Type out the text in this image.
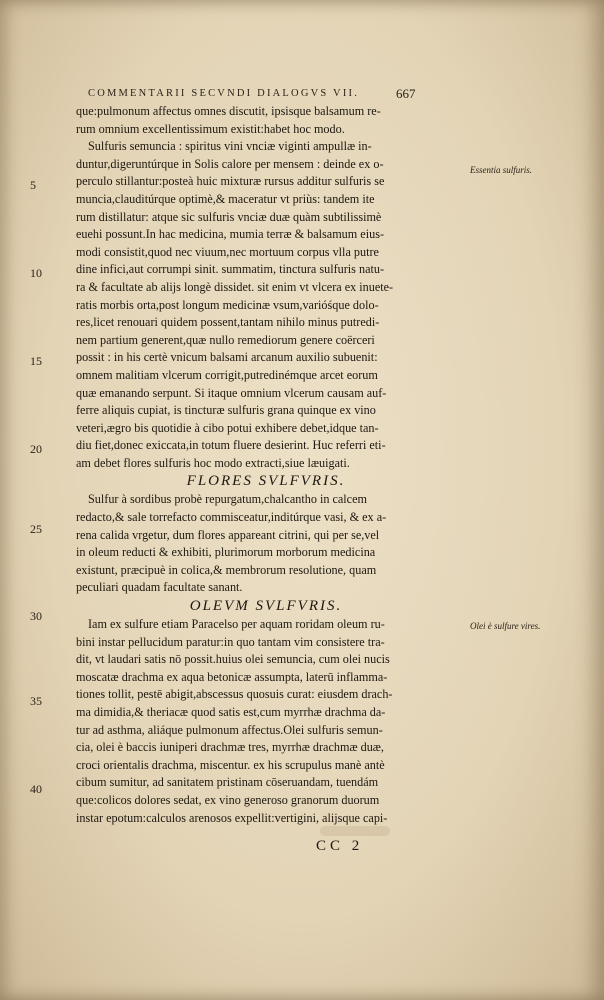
COMMENTARII SECVNDI DIALOGVS VII.	667
5
10
15
20
25
30
35
40
Essentia sulfuris.
Olei è sulfure vires.
que:pulmonum affectus omnes discutit, ipsisque balsamum re-
rum omnium excellentissimum existit:habet hoc modo.
Sulfuris semuncia : spiritus vini vnciæ viginti ampullæ in-
duntur,digeruntúrque in Solis calore per mensem : deinde ex o-
perculo stillantur:posteà huic mixturæ rursus additur sulfuris se
muncia,clauditúrque optimè,& maceratur vt priùs: tandem ite
rum distillatur: atque sic sulfuris vnciæ duæ quàm subtilissimè
euehi possunt.In hac medicina, mumia terræ & balsamum eius-
modi consistit,quod nec viuum,nec mortuum corpus vlla putre
dine infici,aut corrumpi sinit. summatim, tinctura sulfuris natu-
ra & facultate ab alijs longè dissidet. sit enim vt vlcera ex inuete-
ratis morbis orta,post longum medicinæ vsum,varióśque dolo-
res,licet renouari quidem possent,tantam nihilo minus putredi-
nem partium generent,quæ nullo remediorum genere coërceri
possit : in his certè vnicum balsami arcanum auxilio subuenit:
omnem malitiam vlcerum corrigit,putredinémque arcet eorum
quæ emanando serpunt. Si itaque omnium vlcerum causam auf-
ferre aliquis cupiat, is tincturæ sulfuris grana quinque ex vino
veteri,ægro bis quotidie à cibo potui exhibere debet,idque tan-
diu fiet,donec exiccata,in totum fluere desierint. Huc referri eti-
am debet flores sulfuris hoc modo extracti,siue læuigati.
FLORES SVLFVRIS.
Sulfur à sordibus probè repurgatum,chalcantho in calcem
redacto,& sale torrefacto commisceatur,inditúrque vasi, & ex a-
rena calida vrgetur, dum flores appareant citrini, qui per se,vel
in oleum reducti & exhibiti, plurimorum morborum medicina
existunt, præcipuè in colica,& membrorum resolutione, quam
peculiari quadam facultate sanant.
OLEVM SVLFVRIS.
Iam ex sulfure etiam Paracelso per aquam roridam oleum ru-
bini instar pellucidum paratur:in quo tantam vim consistere tra-
dit, vt laudari satis nō possit.huius olei semuncia, cum olei nucis
moscatæ drachma ex aqua betonicæ assumpta, laterū inflamma-
tiones tollit, pestē abigit,abscessus quosuis curat: eiusdem drach-
ma dimidia,& theriacæ quod satis est,cum myrrhæ drachma da-
tur ad asthma, aliáque pulmonum affectus.Olei sulfuris semun-
cia, olei è baccis iuniperi drachmæ tres, myrrhæ drachmæ duæ,
croci orientalis drachma, miscentur. ex his scrupulus manè antè
cibum sumitur, ad sanitatem pristinam cōseruandam, tuendám
que:colicos dolores sedat, ex vino generoso granorum duorum
instar epotum:calculos arenosos expellit:vertigini, alijsque capi-
CC 2
